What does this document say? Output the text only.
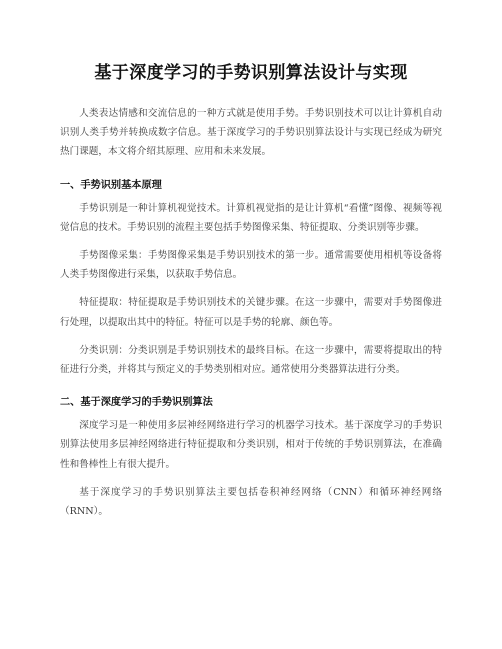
基于深度学习的手势识别算法设计与实现

人类表达情感和交流信息的一种方式就是使用手势。手势识别技术可以让计算机自动识别人类手势并转换成数字信息。基于深度学习的手势识别算法设计与实现已经成为研究热门课题，本文将介绍其原理、应用和未来发展。

一、手势识别基本原理

手势识别是一种计算机视觉技术。计算机视觉指的是让计算机“看懂”图像、视频等视觉信息的技术。手势识别的流程主要包括手势图像采集、特征提取、分类识别等步骤。

手势图像采集：手势图像采集是手势识别技术的第一步。通常需要使用相机等设备将人类手势图像进行采集，以获取手势信息。

特征提取：特征提取是手势识别技术的关键步骤。在这一步骤中，需要对手势图像进行处理，以提取出其中的特征。特征可以是手势的轮廓、颜色等。

分类识别：分类识别是手势识别技术的最终目标。在这一步骤中，需要将提取出的特征进行分类，并将其与预定义的手势类别相对应。通常使用分类器算法进行分类。

二、基于深度学习的手势识别算法

深度学习是一种使用多层神经网络进行学习的机器学习技术。基于深度学习的手势识别算法使用多层神经网络进行特征提取和分类识别，相对于传统的手势识别算法，在准确性和鲁棒性上有很大提升。

基于深度学习的手势识别算法主要包括卷积神经网络（CNN）和循环神经网络（RNN）。
